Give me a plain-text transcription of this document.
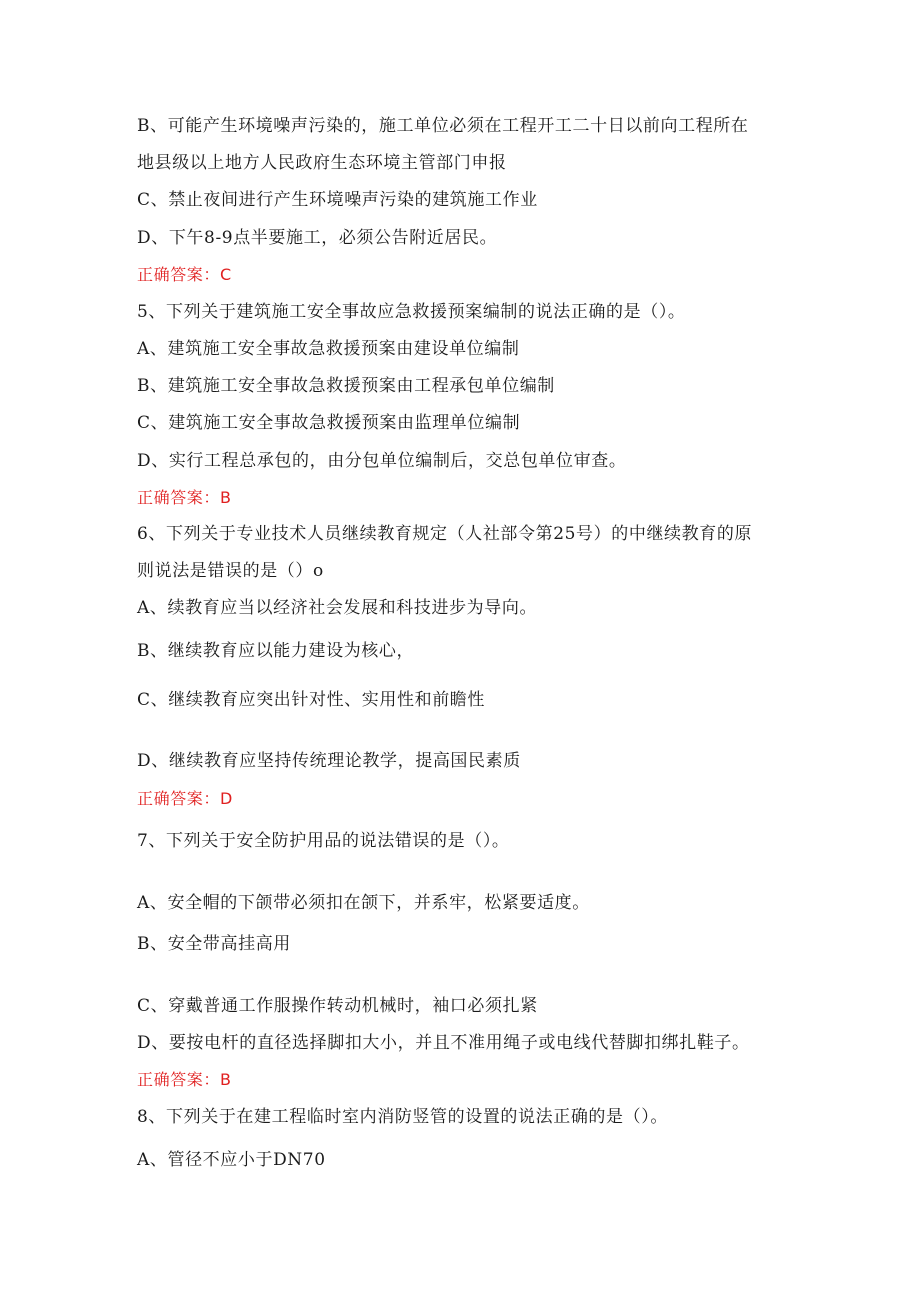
B、可能产生环境噪声污染的，施工单位必须在工程开工二十日以前向工程所在
地县级以上地方人民政府生态环境主管部门申报
C、禁止夜间进行产生环境噪声污染的建筑施工作业
D、下午8-9点半要施工，必须公告附近居民。
正确答案：C
5、下列关于建筑施工安全事故应急救援预案编制的说法正确的是（）。
A、建筑施工安全事故急救援预案由建设单位编制
B、建筑施工安全事故急救援预案由工程承包单位编制
C、建筑施工安全事故急救援预案由监理单位编制
D、实行工程总承包的，由分包单位编制后，交总包单位审查。
正确答案：B
6、下列关于专业技术人员继续教育规定（人社部令第25号）的中继续教育的原
则说法是错误的是（）o
A、续教育应当以经济社会发展和科技进步为导向。
B、继续教育应以能力建设为核心，
C、继续教育应突出针对性、实用性和前瞻性
D、继续教育应坚持传统理论教学，提高国民素质
正确答案：D
7、下列关于安全防护用品的说法错误的是（）。
A、安全帽的下颌带必须扣在颌下，并系牢，松紧要适度。
B、安全带高挂高用
C、穿戴普通工作服操作转动机械时，袖口必须扎紧
D、要按电杆的直径选择脚扣大小，并且不准用绳子或电线代替脚扣绑扎鞋子。
正确答案：B
8、下列关于在建工程临时室内消防竖管的设置的说法正确的是（）。
A、管径不应小于DN70
